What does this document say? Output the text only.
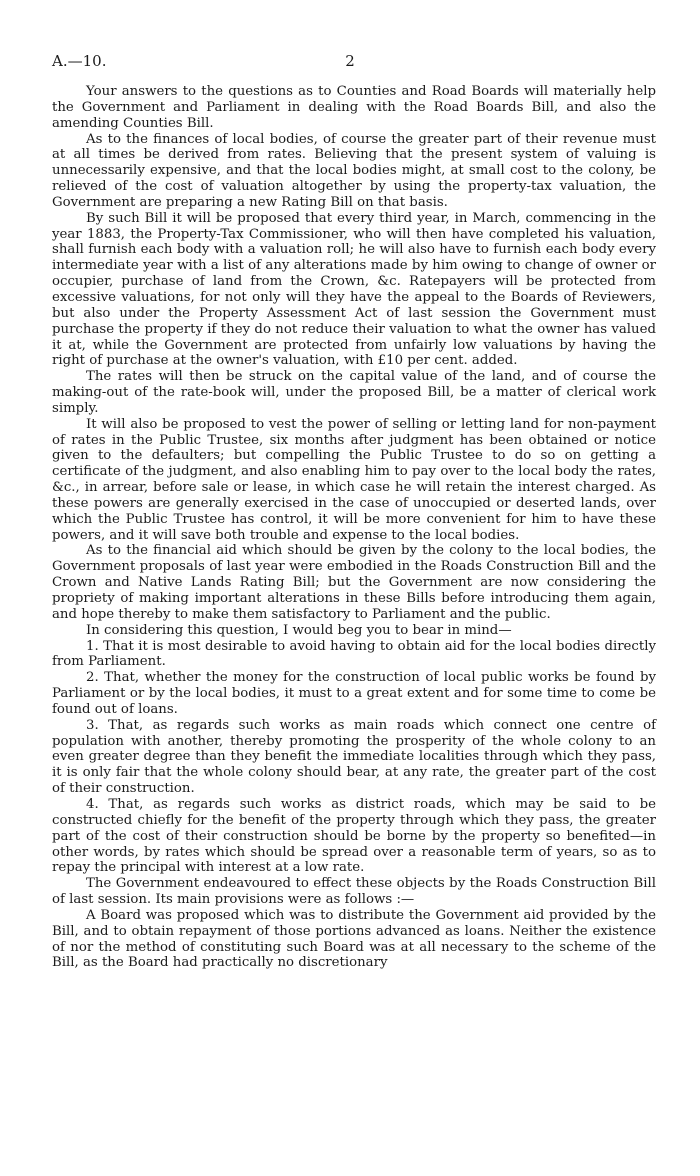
A.—10.	2

Your answers to the questions as to Counties and Road Boards will materially help the Government and Parliament in dealing with the Road Boards Bill, and also the amending Counties Bill.

As to the finances of local bodies, of course the greater part of their revenue must at all times be derived from rates. Believing that the present system of valuing is unnecessarily expensive, and that the local bodies might, at small cost to the colony, be relieved of the cost of valuation altogether by using the property-tax valuation, the Government are preparing a new Rating Bill on that basis.

By such Bill it will be proposed that every third year, in March, commencing in the year 1883, the Property-Tax Commissioner, who will then have completed his valuation, shall furnish each body with a valuation roll; he will also have to furnish each body every intermediate year with a list of any alterations made by him owing to change of owner or occupier, purchase of land from the Crown, &c. Ratepayers will be protected from excessive valuations, for not only will they have the appeal to the Boards of Reviewers, but also under the Property Assessment Act of last session the Government must purchase the property if they do not reduce their valuation to what the owner has valued it at, while the Government are protected from unfairly low valuations by having the right of purchase at the owner's valuation, with £10 per cent. added.

The rates will then be struck on the capital value of the land, and of course the making-out of the rate-book will, under the proposed Bill, be a matter of clerical work simply.

It will also be proposed to vest the power of selling or letting land for non-payment of rates in the Public Trustee, six months after judgment has been obtained or notice given to the defaulters; but compelling the Public Trustee to do so on getting a certificate of the judgment, and also enabling him to pay over to the local body the rates, &c., in arrear, before sale or lease, in which case he will retain the interest charged. As these powers are generally exercised in the case of unoccupied or deserted lands, over which the Public Trustee has control, it will be more convenient for him to have these powers, and it will save both trouble and expense to the local bodies.

As to the financial aid which should be given by the colony to the local bodies, the Government proposals of last year were embodied in the Roads Construction Bill and the Crown and Native Lands Rating Bill; but the Government are now considering the propriety of making important alterations in these Bills before introducing them again, and hope thereby to make them satisfactory to Parliament and the public.

In considering this question, I would beg you to bear in mind—

1. That it is most desirable to avoid having to obtain aid for the local bodies directly from Parliament.

2. That, whether the money for the construction of local public works be found by Parliament or by the local bodies, it must to a great extent and for some time to come be found out of loans.

3. That, as regards such works as main roads which connect one centre of population with another, thereby promoting the prosperity of the whole colony to an even greater degree than they benefit the immediate localities through which they pass, it is only fair that the whole colony should bear, at any rate, the greater part of the cost of their construction.

4. That, as regards such works as district roads, which may be said to be constructed chiefly for the benefit of the property through which they pass, the greater part of the cost of their construction should be borne by the property so benefited—in other words, by rates which should be spread over a reasonable term of years, so as to repay the principal with interest at a low rate.

The Government endeavoured to effect these objects by the Roads Construction Bill of last session. Its main provisions were as follows :—

A Board was proposed which was to distribute the Government aid provided by the Bill, and to obtain repayment of those portions advanced as loans. Neither the existence of nor the method of constituting such Board was at all necessary to the scheme of the Bill, as the Board had practically no discretionary
